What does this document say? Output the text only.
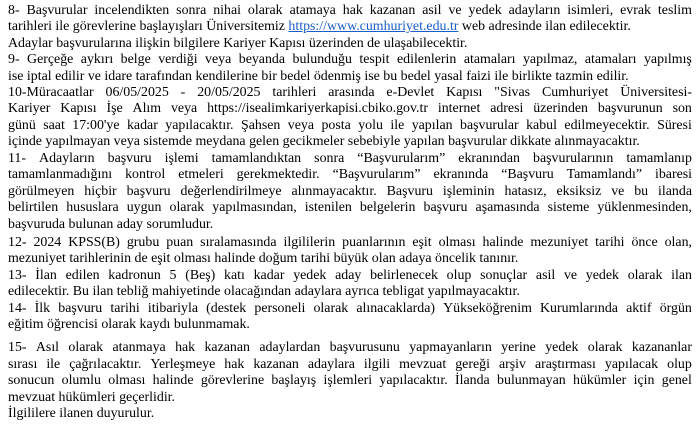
8- Başvurular incelendikten sonra nihai olarak atamaya hak kazanan asil ve yedek adayların isimleri, evrak teslim
tarihleri ile görevlerine başlayışları Üniversitemiz https://www.cumhuriyet.edu.tr web adresinde ilan edilecektir.
Adaylar başvurularına ilişkin bilgilere Kariyer Kapısı üzerinden de ulaşabilecektir.
9- Gerçeğe aykırı belge verdiği veya beyanda bulunduğu tespit edilenlerin atamaları yapılmaz, atamaları yapılmış
ise iptal edilir ve idare tarafından kendilerine bir bedel ödenmiş ise bu bedel yasal faizi ile birlikte tazmin edilir.
10-Müracaatlar 06/05/2025 - 20/05/2025 tarihleri arasında e-Devlet Kapısı "Sivas Cumhuriyet Üniversitesi-
Kariyer Kapısı İşe Alım veya https://isealimkariyerkapisi.cbiko.gov.tr internet adresi üzerinden başvurunun son
günü saat 17:00'ye kadar yapılacaktır. Şahsen veya posta yolu ile yapılan başvurular kabul edilmeyecektir. Süresi
içinde yapılmayan veya sistemde meydana gelen gecikmeler sebebiyle yapılan başvurular dikkate alınmayacaktır.
11- Adayların başvuru işlemi tamamlandıktan sonra “Başvurularım” ekranından başvurularının tamamlanıp
tamamlanmadığını kontrol etmeleri gerekmektedir. “Başvurularım” ekranında “Başvuru Tamamlandı” ibaresi
görülmeyen hiçbir başvuru değerlendirilmeye alınmayacaktır. Başvuru işleminin hatasız, eksiksiz ve bu ilanda
belirtilen hususlara uygun olarak yapılmasından, istenilen belgelerin başvuru aşamasında sisteme yüklenmesinden,
başvuruda bulunan aday sorumludur.
12- 2024 KPSS(B) grubu puan sıralamasında ilgililerin puanlarının eşit olması halinde mezuniyet tarihi önce olan,
mezuniyet tarihlerinin de eşit olması halinde doğum tarihi büyük olan adaya öncelik tanınır.
13- İlan edilen kadronun 5 (Beş) katı kadar yedek aday belirlenecek olup sonuçlar asil ve yedek olarak ilan
edilecektir. Bu ilan tebliğ mahiyetinde olacağından adaylara ayrıca tebligat yapılmayacaktır.
14- İlk başvuru tarihi itibariyla (destek personeli olarak alınacaklarda) Yükseköğrenim Kurumlarında aktif örgün
eğitim öğrencisi olarak kaydı bulunmamak.
15- Asıl olarak atanmaya hak kazanan adaylardan başvurusunu yapmayanların yerine yedek olarak kazananlar
sırası ile çağrılacaktır. Yerleşmeye hak kazanan adaylara ilgili mevzuat gereği arşiv araştırması yapılacak olup
sonucun olumlu olması halinde görevlerine başlayış işlemleri yapılacaktır. İlanda bulunmayan hükümler için genel
mevzuat hükümleri geçerlidir.
İlgililere ilanen duyurulur.
